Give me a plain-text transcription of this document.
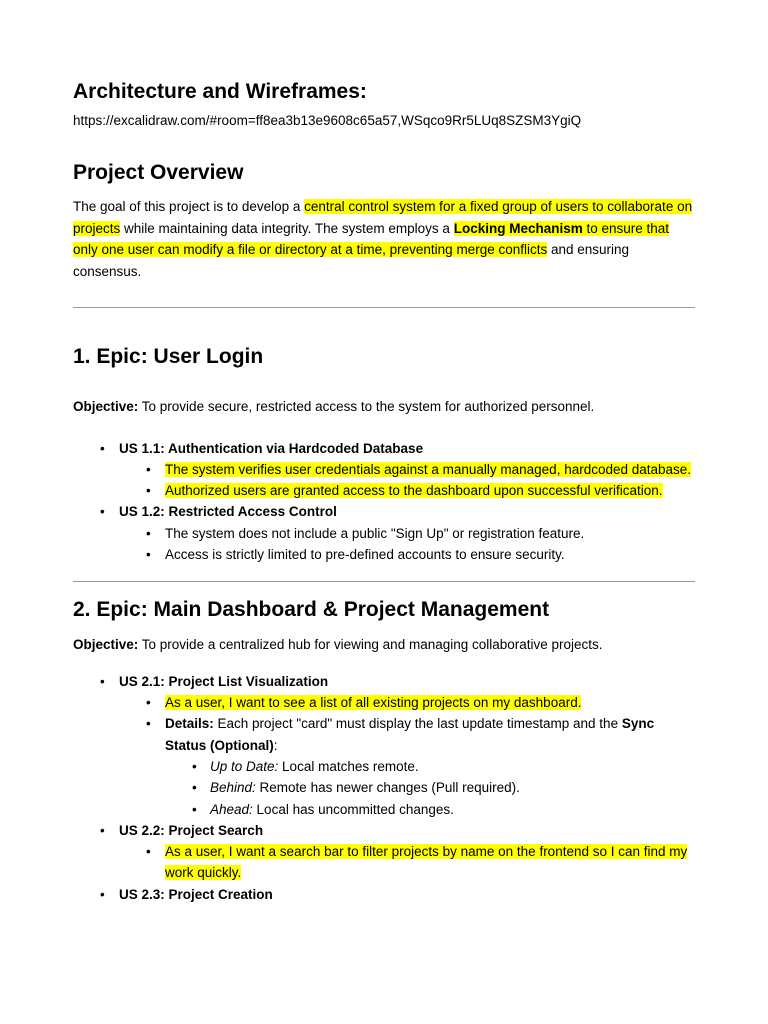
Architecture and Wireframes:
https://excalidraw.com/#room=ff8ea3b13e9608c65a57,WSqco9Rr5LUq8SZSM3YgiQ
Project Overview

The goal of this project is to develop a central control system for a fixed group of users to collaborate on projects while maintaining data integrity. The system employs a Locking Mechanism to ensure that only one user can modify a file or directory at a time, preventing merge conflicts and ensuring consensus.

1. Epic: User Login

Objective: To provide secure, restricted access to the system for authorized personnel.

• US 1.1: Authentication via Hardcoded Database
• The system verifies user credentials against a manually managed, hardcoded database.
• Authorized users are granted access to the dashboard upon successful verification.
• US 1.2: Restricted Access Control
• The system does not include a public "Sign Up" or registration feature.
• Access is strictly limited to pre-defined accounts to ensure security.
2. Epic: Main Dashboard & Project Management

Objective: To provide a centralized hub for viewing and managing collaborative projects.

• US 2.1: Project List Visualization
• As a user, I want to see a list of all existing projects on my dashboard.
• Details: Each project "card" must display the last update timestamp and the Sync Status (Optional):
• Up to Date: Local matches remote.
• Behind: Remote has newer changes (Pull required).
• Ahead: Local has uncommitted changes.
• US 2.2: Project Search
• As a user, I want a search bar to filter projects by name on the frontend so I can find my work quickly.
• US 2.3: Project Creation
